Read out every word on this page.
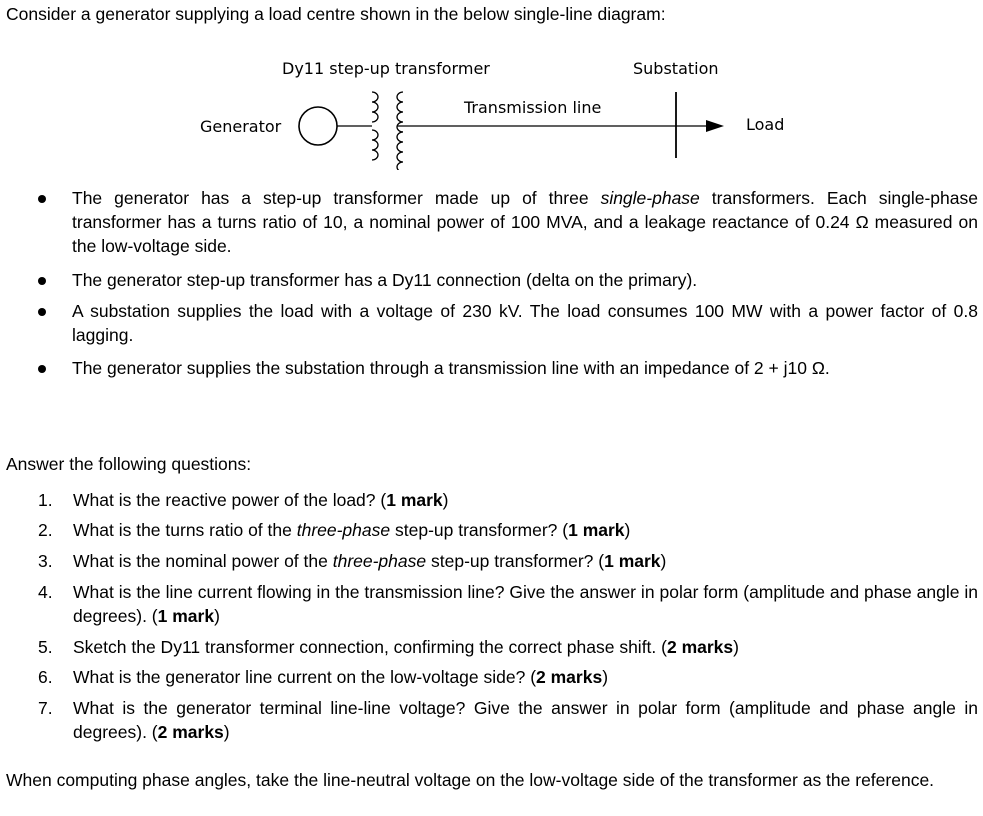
Consider a generator supplying a load centre shown in the below single-line diagram:
Dy11 step-up transformer	Substation
Transmission line
Generator	Load
The generator has a step-up transformer made up of three single-phase transformers. Each single-phase transformer has a turns ratio of 10, a nominal power of 100 MVA, and a leakage reactance of 0.24 Ω measured on the low-voltage side.
The generator step-up transformer has a Dy11 connection (delta on the primary).
A substation supplies the load with a voltage of 230 kV. The load consumes 100 MW with a power factor of 0.8 lagging.
The generator supplies the substation through a transmission line with an impedance of 2 + j10 Ω.
Answer the following questions:
1.	What is the reactive power of the load? (1 mark)
2.	What is the turns ratio of the three-phase step-up transformer? (1 mark)
3.	What is the nominal power of the three-phase step-up transformer? (1 mark)
4.	What is the line current flowing in the transmission line? Give the answer in polar form (amplitude and phase angle in degrees). (1 mark)
5.	Sketch the Dy11 transformer connection, confirming the correct phase shift. (2 marks)
6.	What is the generator line current on the low-voltage side? (2 marks)
7.	What is the generator terminal line-line voltage? Give the answer in polar form (amplitude and phase angle in degrees). (2 marks)
When computing phase angles, take the line-neutral voltage on the low-voltage side of the transformer as the reference.
